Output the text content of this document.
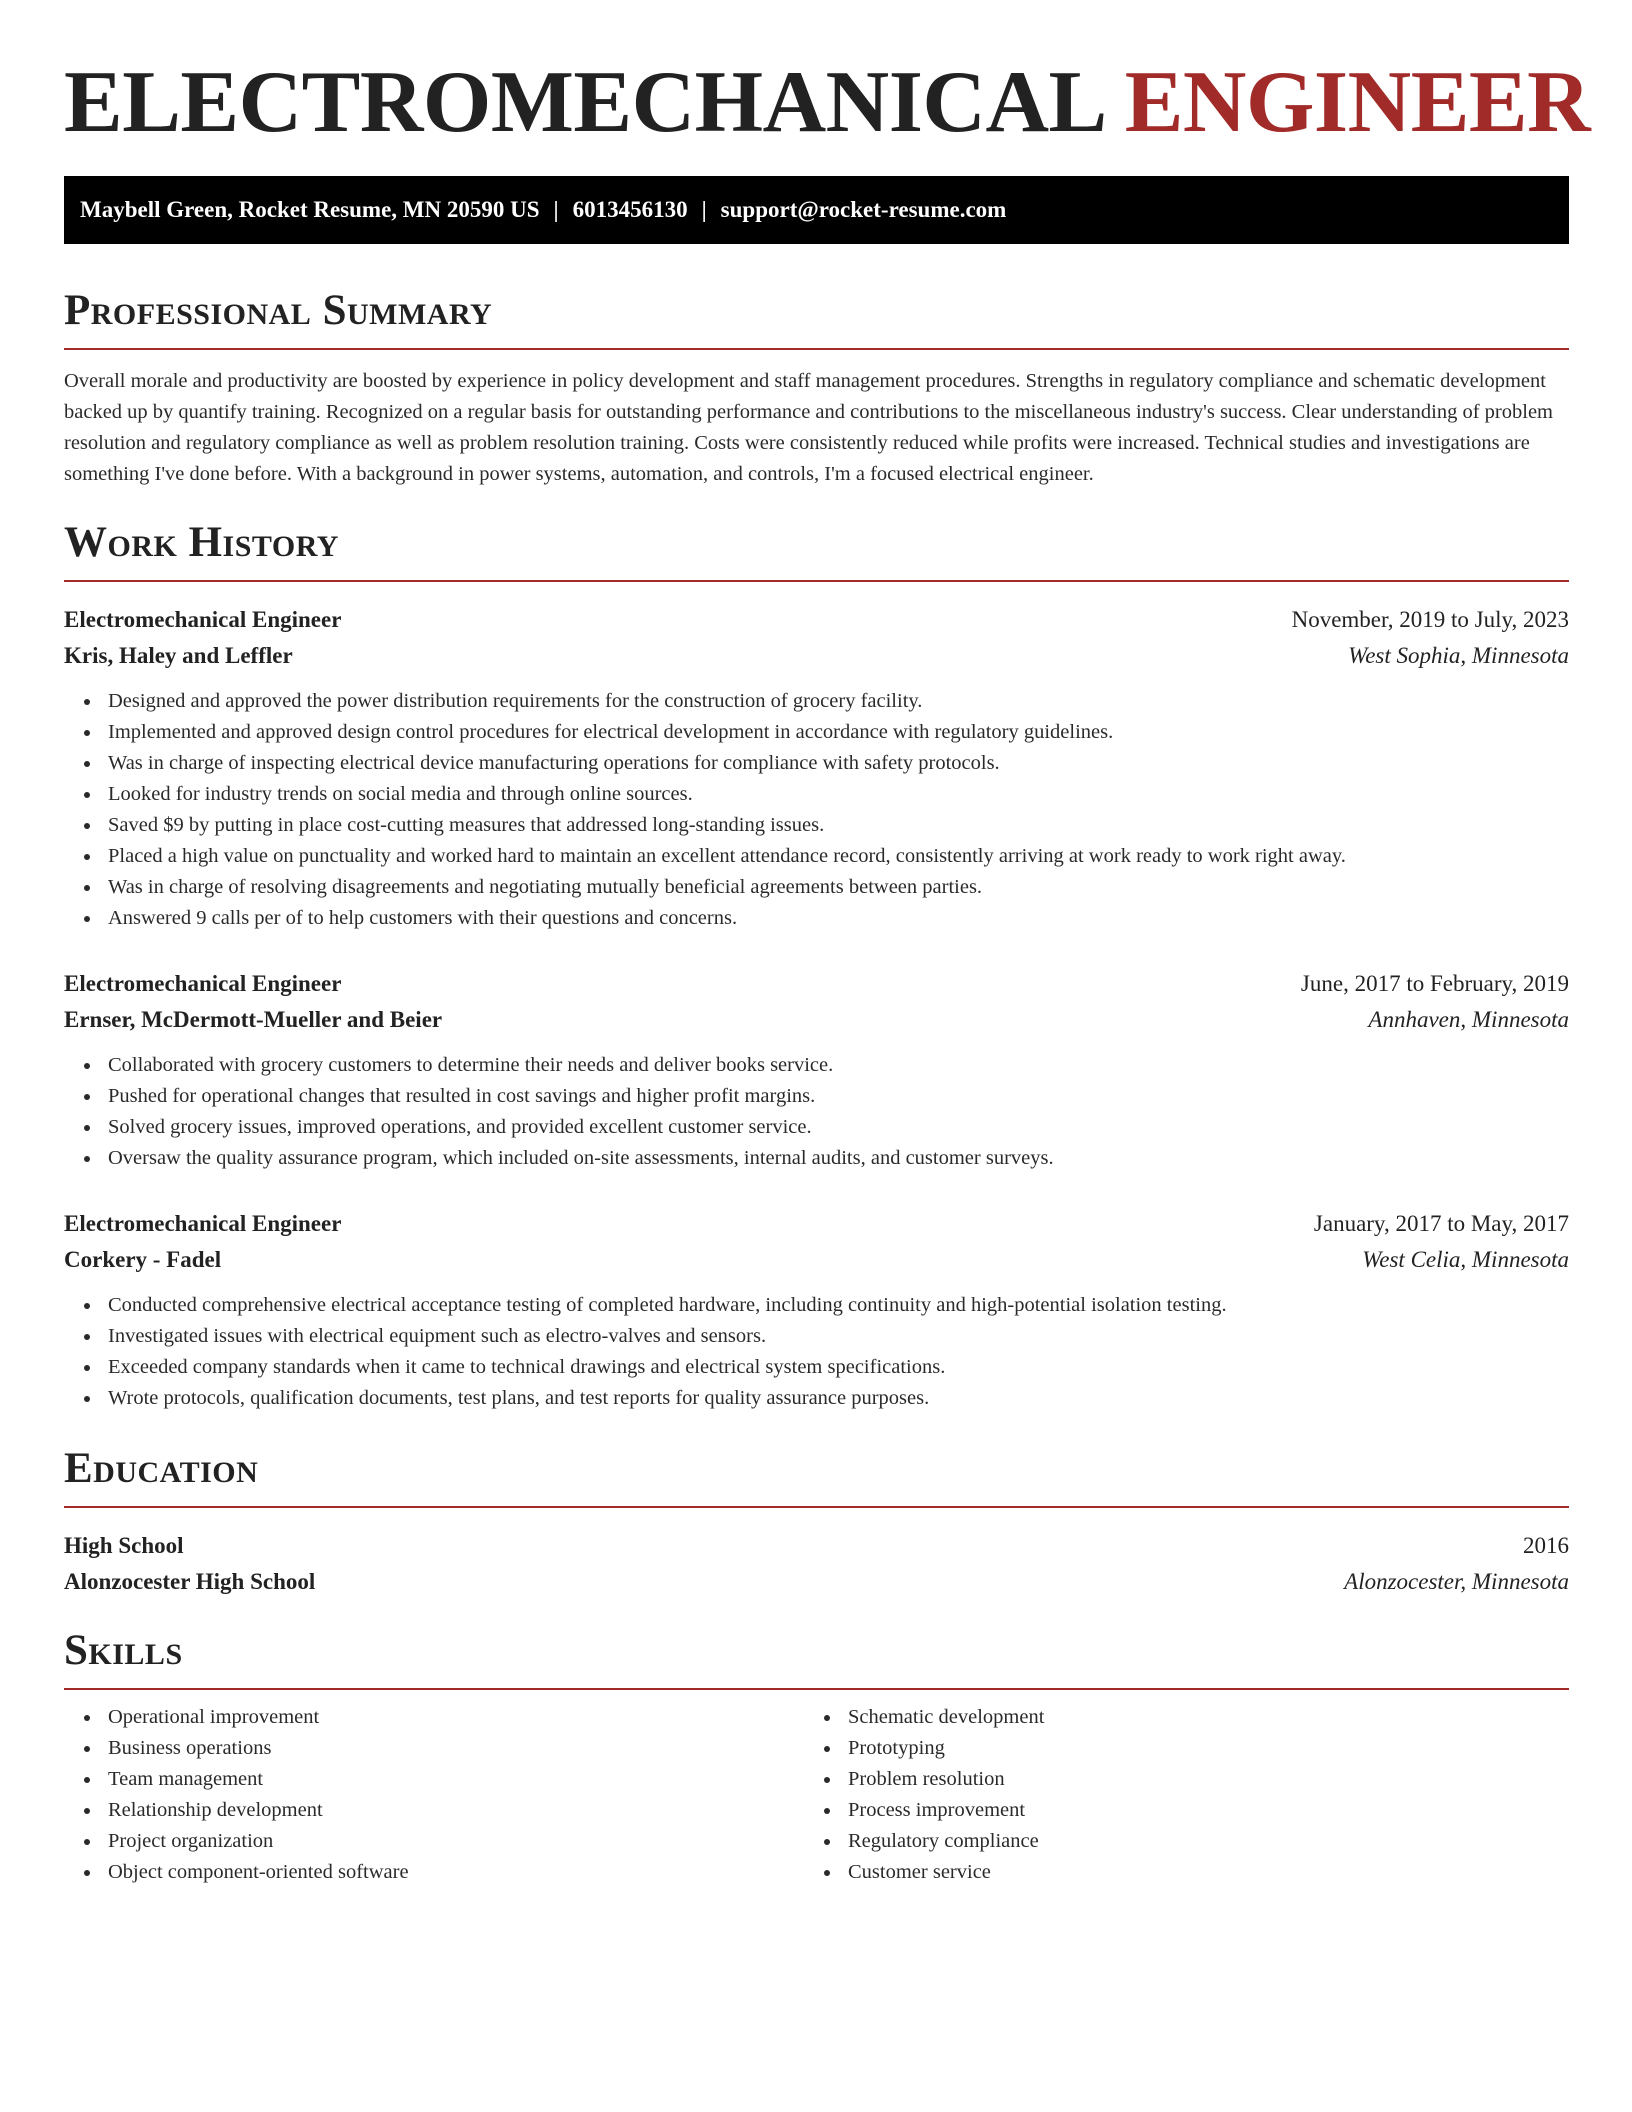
ELECTROMECHANICAL ENGINEER
Maybell Green, Rocket Resume, MN 20590 US | 6013456130 | support@rocket-resume.com
Professional Summary
Overall morale and productivity are boosted by experience in policy development and staff management procedures. Strengths in regulatory compliance and schematic development backed up by quantify training. Recognized on a regular basis for outstanding performance and contributions to the miscellaneous industry's success. Clear understanding of problem resolution and regulatory compliance as well as problem resolution training. Costs were consistently reduced while profits were increased. Technical studies and investigations are something I've done before. With a background in power systems, automation, and controls, I'm a focused electrical engineer.
Work History
Electromechanical Engineer	November, 2019 to July, 2023
Kris, Haley and Leffler	West Sophia, Minnesota
Designed and approved the power distribution requirements for the construction of grocery facility.
Implemented and approved design control procedures for electrical development in accordance with regulatory guidelines.
Was in charge of inspecting electrical device manufacturing operations for compliance with safety protocols.
Looked for industry trends on social media and through online sources.
Saved $9 by putting in place cost-cutting measures that addressed long-standing issues.
Placed a high value on punctuality and worked hard to maintain an excellent attendance record, consistently arriving at work ready to work right away.
Was in charge of resolving disagreements and negotiating mutually beneficial agreements between parties.
Answered 9 calls per of to help customers with their questions and concerns.
Electromechanical Engineer	June, 2017 to February, 2019
Ernser, McDermott-Mueller and Beier	Annhaven, Minnesota
Collaborated with grocery customers to determine their needs and deliver books service.
Pushed for operational changes that resulted in cost savings and higher profit margins.
Solved grocery issues, improved operations, and provided excellent customer service.
Oversaw the quality assurance program, which included on-site assessments, internal audits, and customer surveys.
Electromechanical Engineer	January, 2017 to May, 2017
Corkery - Fadel	West Celia, Minnesota
Conducted comprehensive electrical acceptance testing of completed hardware, including continuity and high-potential isolation testing.
Investigated issues with electrical equipment such as electro-valves and sensors.
Exceeded company standards when it came to technical drawings and electrical system specifications.
Wrote protocols, qualification documents, test plans, and test reports for quality assurance purposes.
Education
High School	2016
Alonzocester High School	Alonzocester, Minnesota
Skills
Operational improvement
Business operations
Team management
Relationship development
Project organization
Object component-oriented software
Schematic development
Prototyping
Problem resolution
Process improvement
Regulatory compliance
Customer service
